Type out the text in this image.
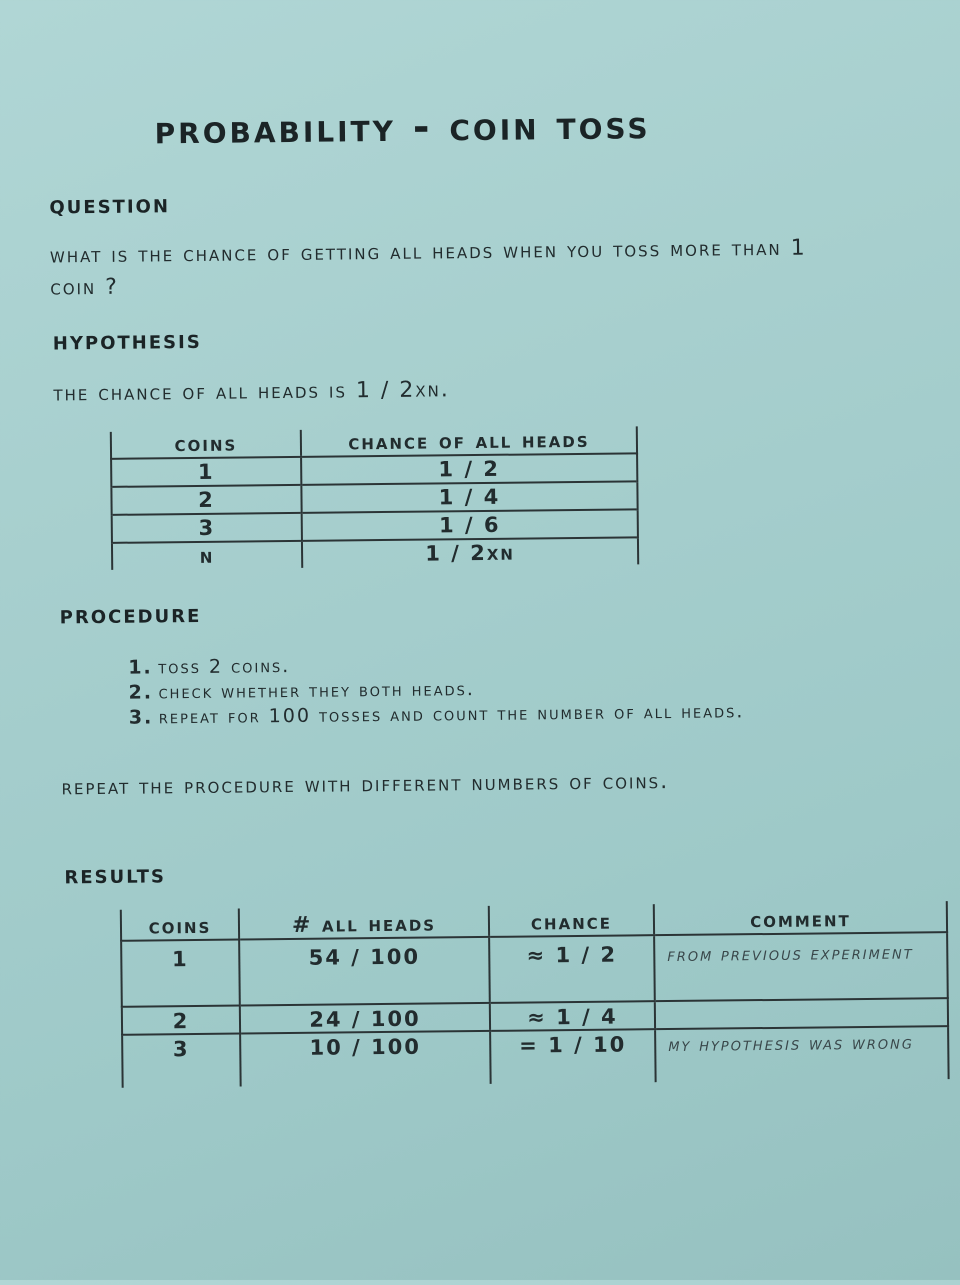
probability - coin toss
question
what is the chance of getting all heads when you toss more than 1 coin ?
hypothesis
the chance of all heads is 1 / 2xn.
coins	chance of all heads
1	1 / 2
2	1 / 4
3	1 / 6
n	1 / 2xn
procedure
1. toss 2 coins.
2. check whether they both heads.
3. repeat for 100 tosses and count the number of all heads.
repeat the procedure with different numbers of coins.
results
coins	# all heads	chance	comment
1	54 / 100	≈ 1 / 2	from previous experiment
2	24 / 100	≈ 1 / 4	
3	10 / 100	= 1 / 10	my hypothesis was wrong
